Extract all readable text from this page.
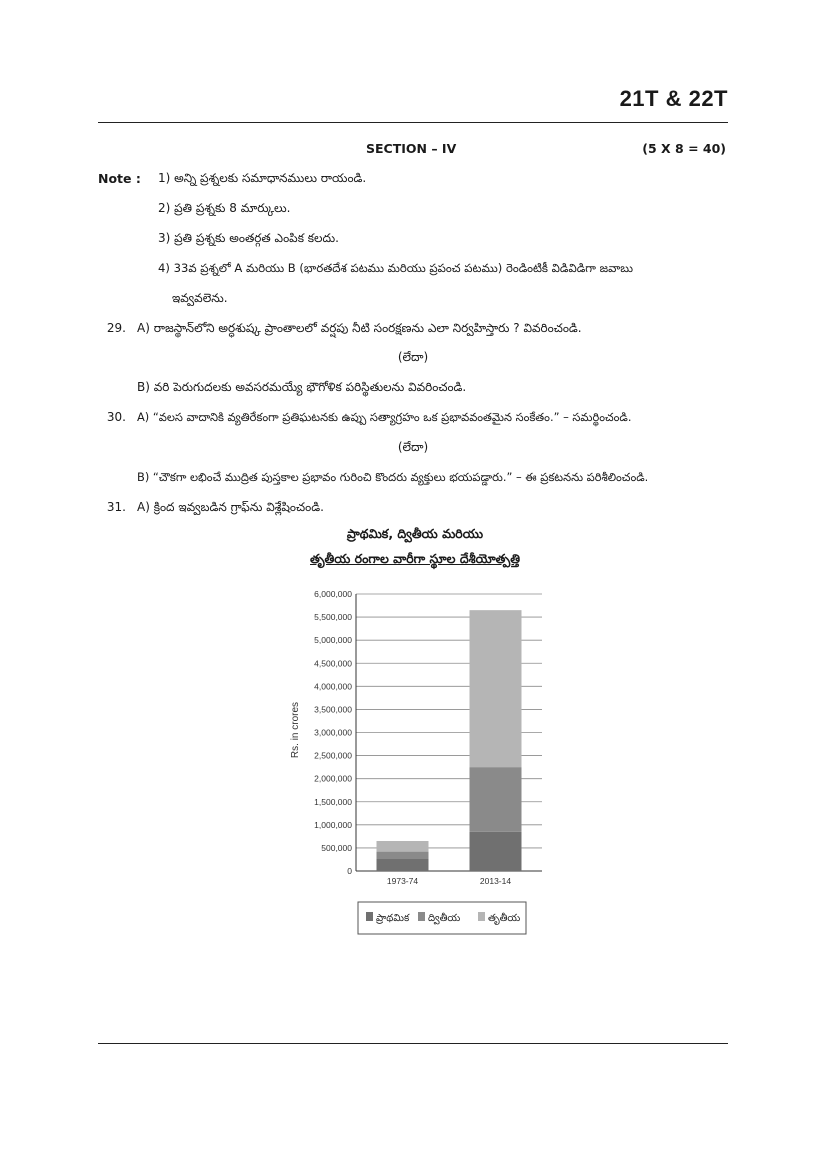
21T & 22T
SECTION – IV	(5 X 8 = 40)
Note : 1) అన్ని ప్రశ్నలకు సమాధానములు రాయండి.
2) ప్రతి ప్రశ్నకు 8 మార్కులు.
3) ప్రతి ప్రశ్నకు అంతర్గత ఎంపిక కలదు.
4) 33వ ప్రశ్నలో A మరియు B (భారతదేశ పటము మరియు ప్రపంచ పటము) రెండింటికీ విడివిడిగా జవాబు
ఇవ్వవలెను.
29. A) రాజస్థాన్‌లోని అర్ధశుష్క ప్రాంతాలలో వర్షపు నీటి సంరక్షణను ఎలా నిర్వహిస్తారు ? వివరించండి.
(లేదా)
B) వరి పెరుగుదలకు అవసరమయ్యే భౌగోళిక పరిస్థితులను వివరించండి.
30. A) “వలస వాదానికి వ్యతిరేకంగా ప్రతిఘటనకు ఉప్పు సత్యాగ్రహం ఒక ప్రభావవంతమైన సంకేతం.” – సమర్థించండి.
(లేదా)
B) “చౌకగా లభించే ముద్రిత పుస్తకాల ప్రభావం గురించి కొందరు వ్యక్తులు భయపడ్డారు.” – ఈ ప్రకటనను పరిశీలించండి.
31. A) క్రింద ఇవ్వబడిన గ్రాఫ్‌ను విశ్లేషించండి.
ప్రాథమిక, ద్వితీయ మరియు
తృతీయ రంగాల వారీగా స్థూల దేశీయోత్పత్తి
0
500,000
1,000,000
1,500,000
2,000,000
2,500,000
3,000,000
3,500,000
4,000,000
4,500,000
5,000,000
5,500,000
6,000,000
1973-74	2013-14
Rs. in crores
ప్రాథమిక ద్వితీయ	తృతీయ
